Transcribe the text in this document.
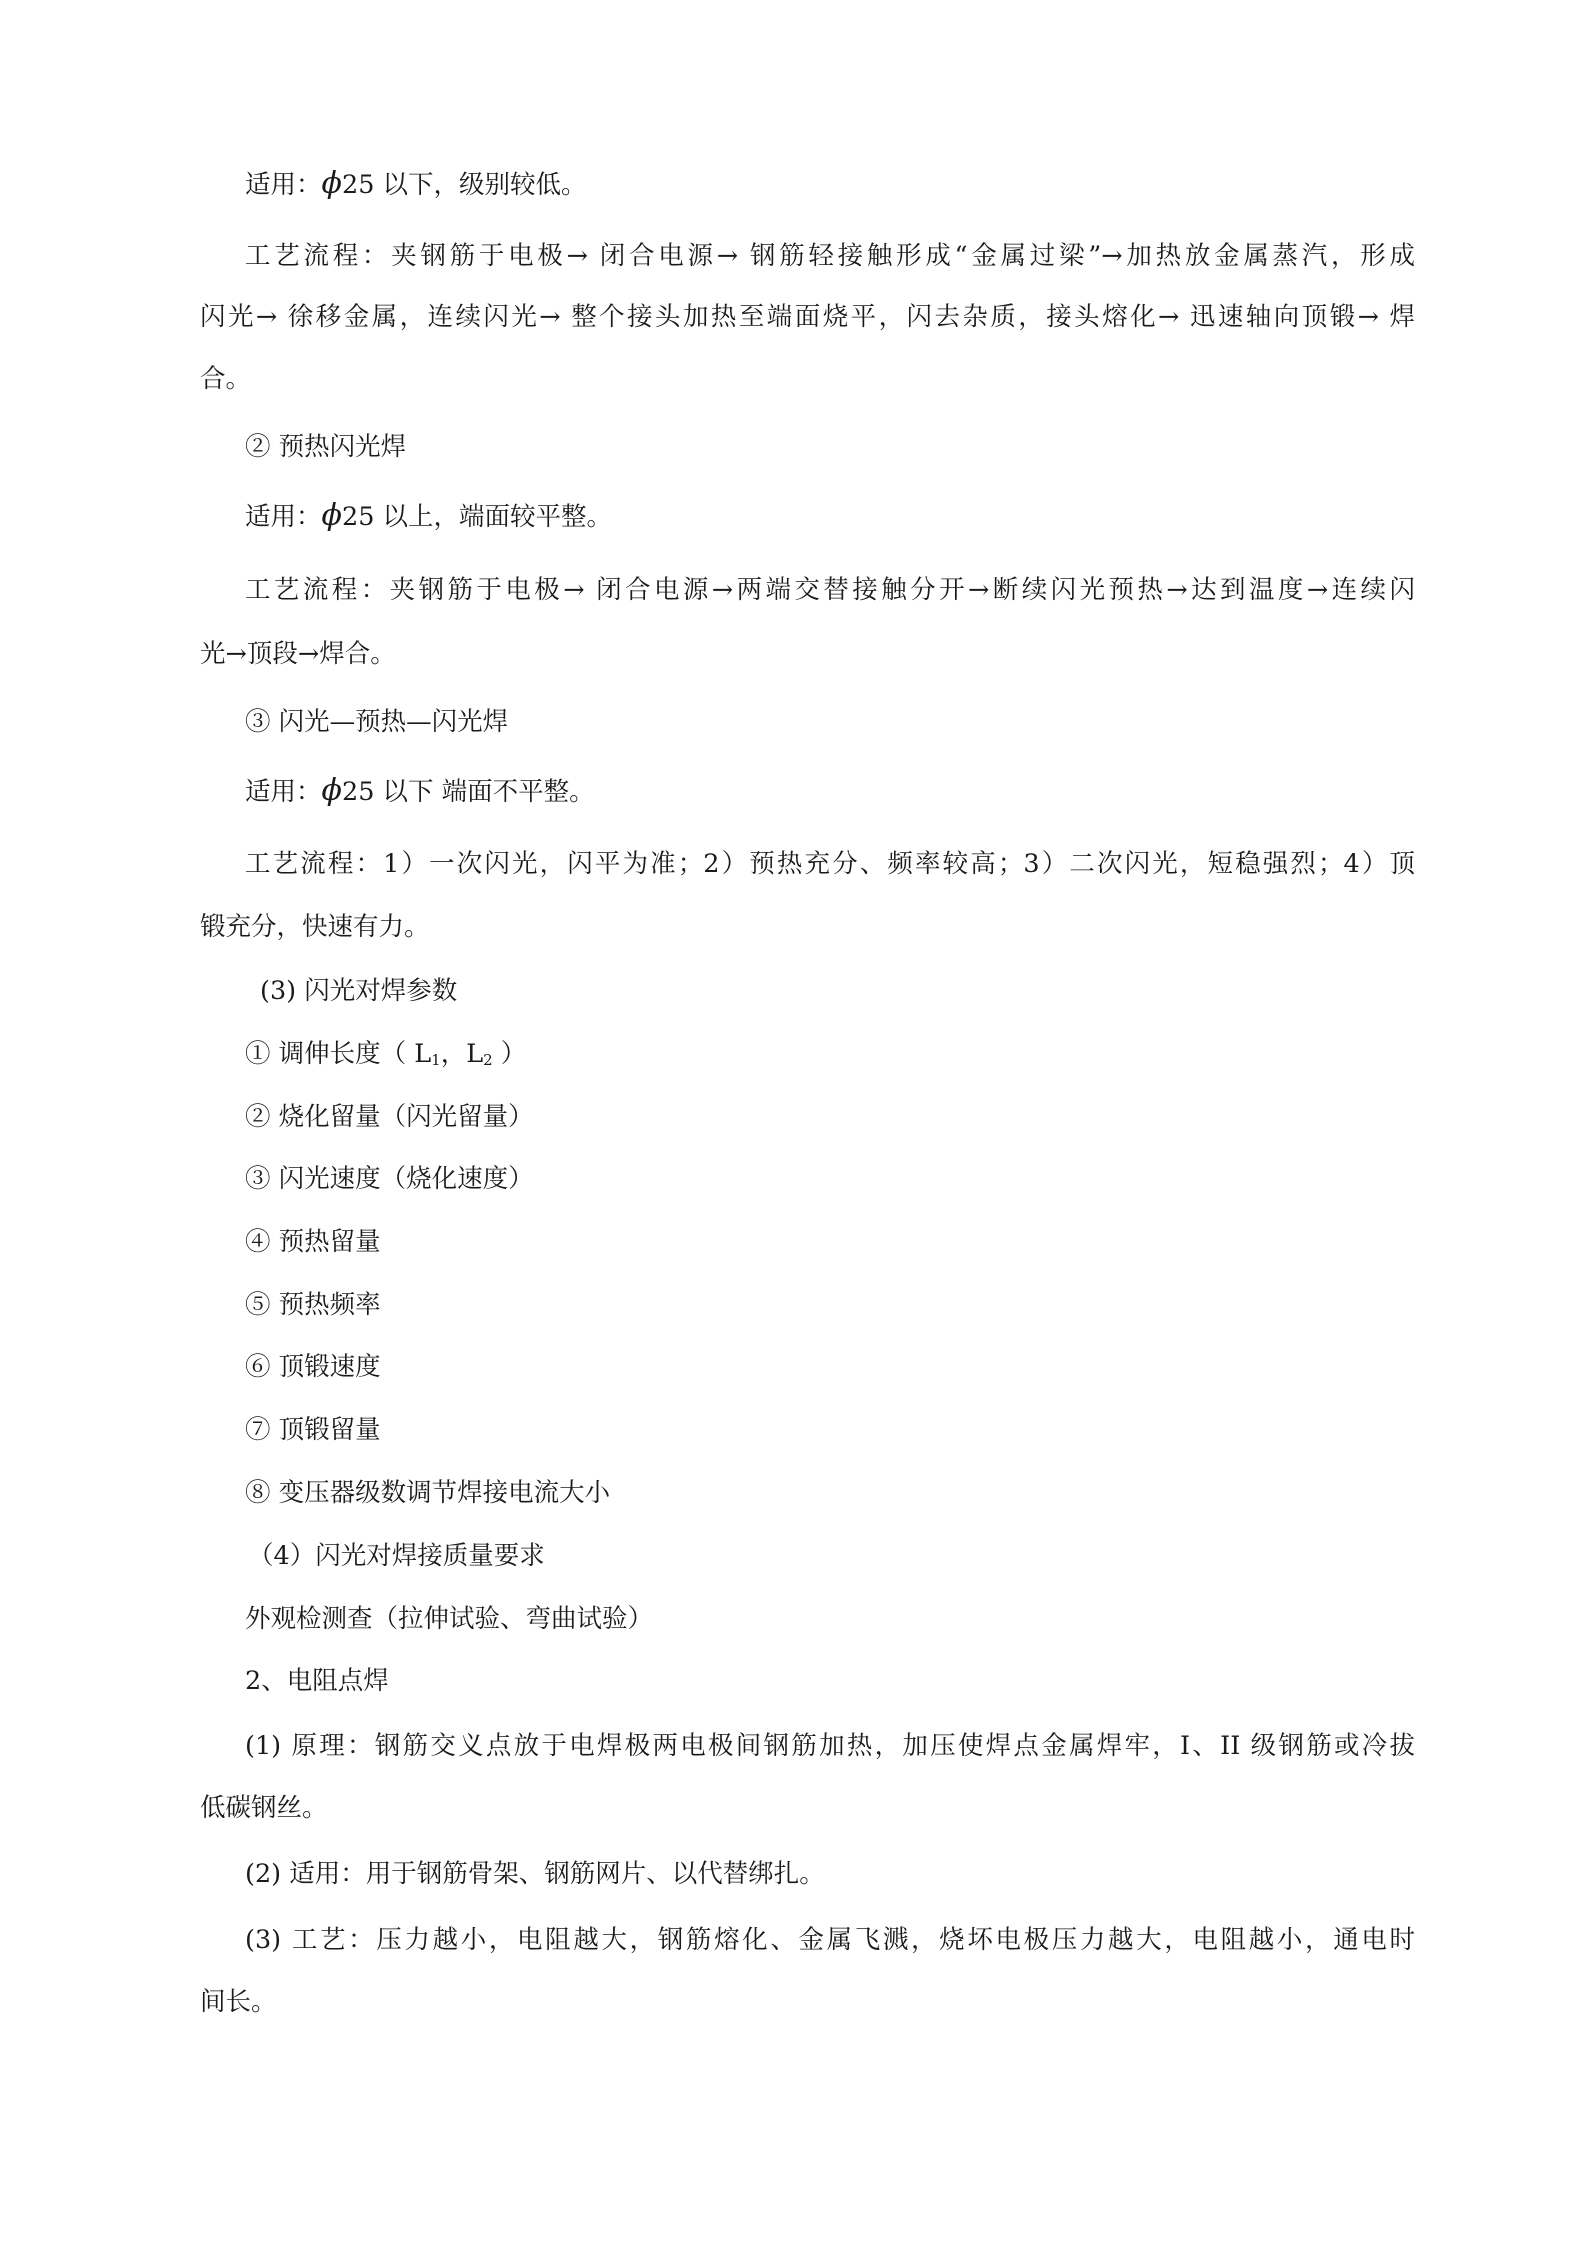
适用：ϕ25 以下，级别较低。
工艺流程：夹钢筋于电极→ 闭合电源→ 钢筋轻接触形成“金属过梁”→加热放金属蒸汽，形成
闪光→ 徐移金属，连续闪光→ 整个接头加热至端面烧平，闪去杂质，接头熔化→ 迅速轴向顶锻→ 焊
合。
② 预热闪光焊
适用：ϕ25 以上，端面较平整。
工艺流程：夹钢筋于电极→ 闭合电源→两端交替接触分开→断续闪光预热→达到温度→连续闪
光→顶段→焊合。
③ 闪光—预热—闪光焊
适用：ϕ25 以下 端面不平整。
工艺流程：1）一次闪光，闪平为准；2）预热充分、频率较高；3）二次闪光，短稳强烈；4）顶
锻充分，快速有力。
(3) 闪光对焊参数
① 调伸长度（ $L_1$，$L_2$ ）
② 烧化留量（闪光留量）
③ 闪光速度（烧化速度）
④ 预热留量
⑤ 预热频率
⑥ 顶锻速度
⑦ 顶锻留量
⑧ 变压器级数调节焊接电流大小
（4）闪光对焊接质量要求
外观检测查（拉伸试验、弯曲试验）
2、电阻点焊
(1) 原理：钢筋交义点放于电焊极两电极间钢筋加热，加压使焊点金属焊牢，I、II 级钢筋或冷拔
低碳钢丝。
(2) 适用：用于钢筋骨架、钢筋网片、以代替绑扎。
(3) 工艺：压力越小，电阻越大，钢筋熔化、金属飞溅，烧坏电极压力越大，电阻越小，通电时
间长。
